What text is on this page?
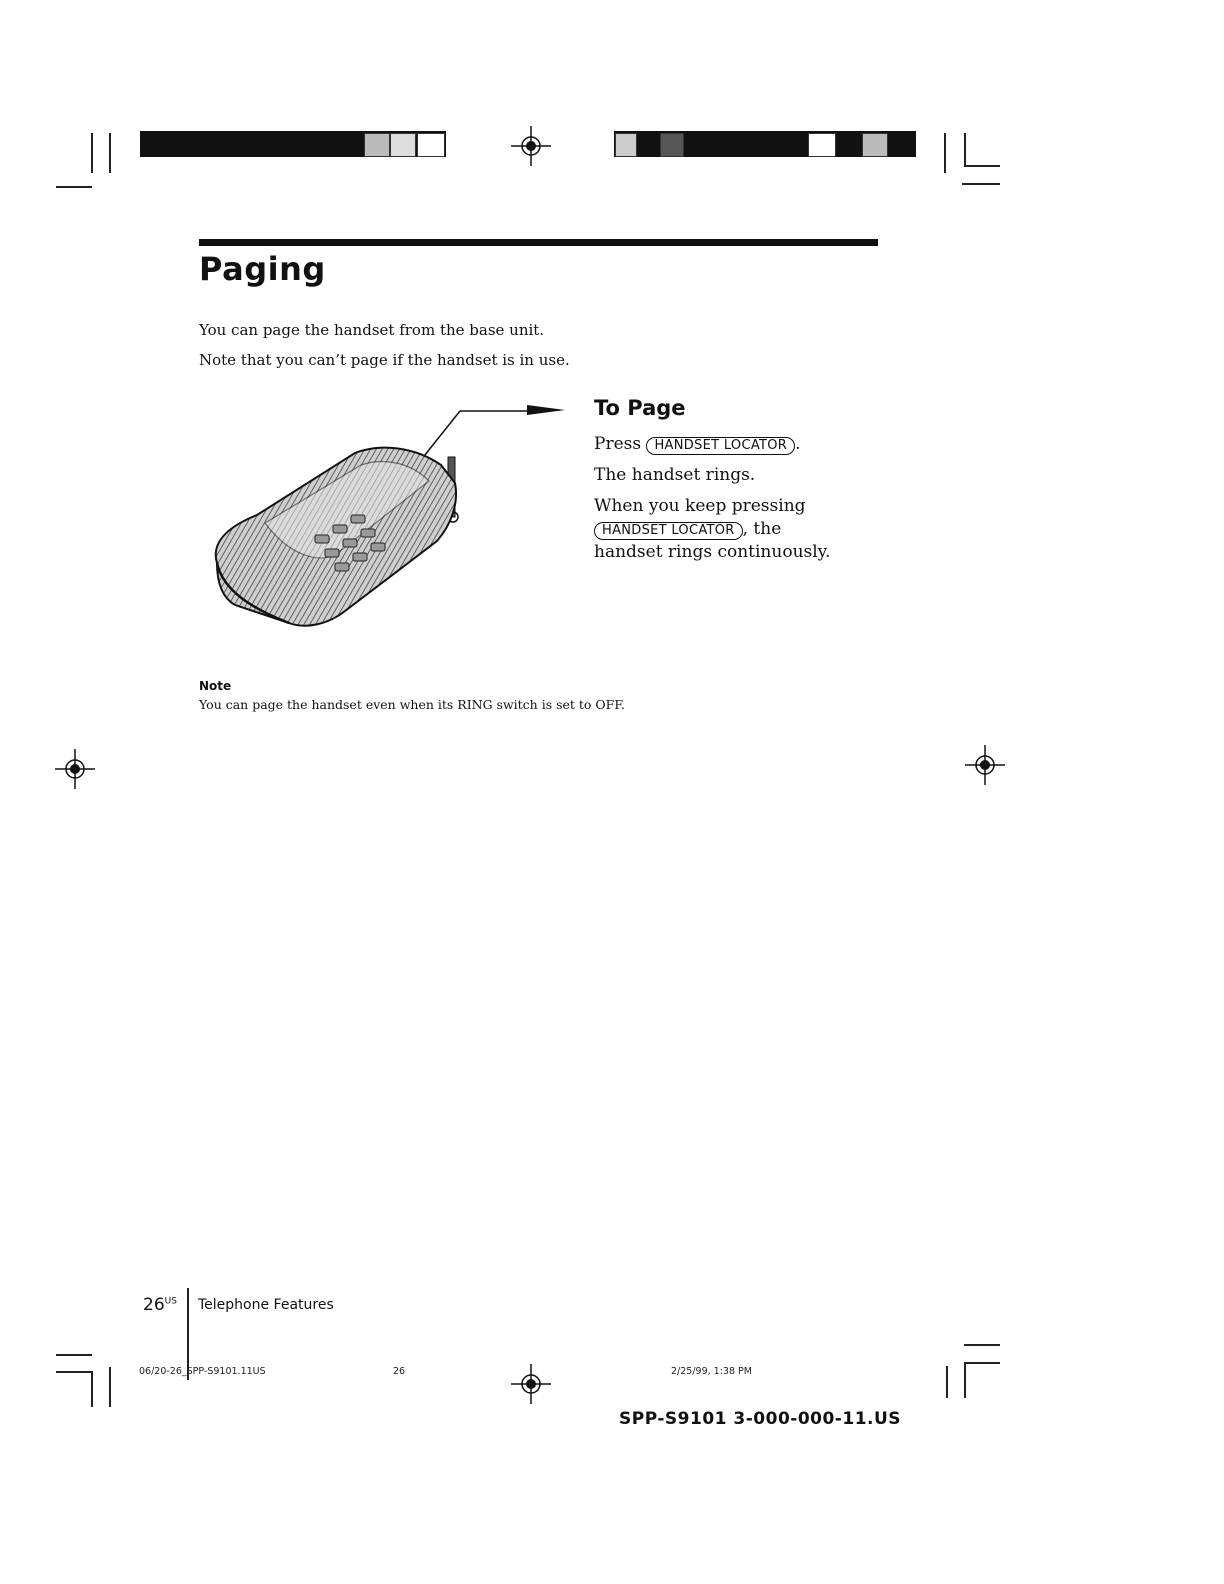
Paging
You can page the handset from the base unit.
Note that you can’t page if the handset is in use.
To Page
Press HANDSET LOCATOR .
The handset rings.
When you keep pressing
HANDSET LOCATOR , the
handset rings continuously.
Note
You can page the handset even when its RING switch is set to OFF.
$26^{US}$ Telephone Features
06/20-26_SPP-S9101.11US	26	2/25/99, 1:38 PM
SPP-S9101 3-000-000-11.US
